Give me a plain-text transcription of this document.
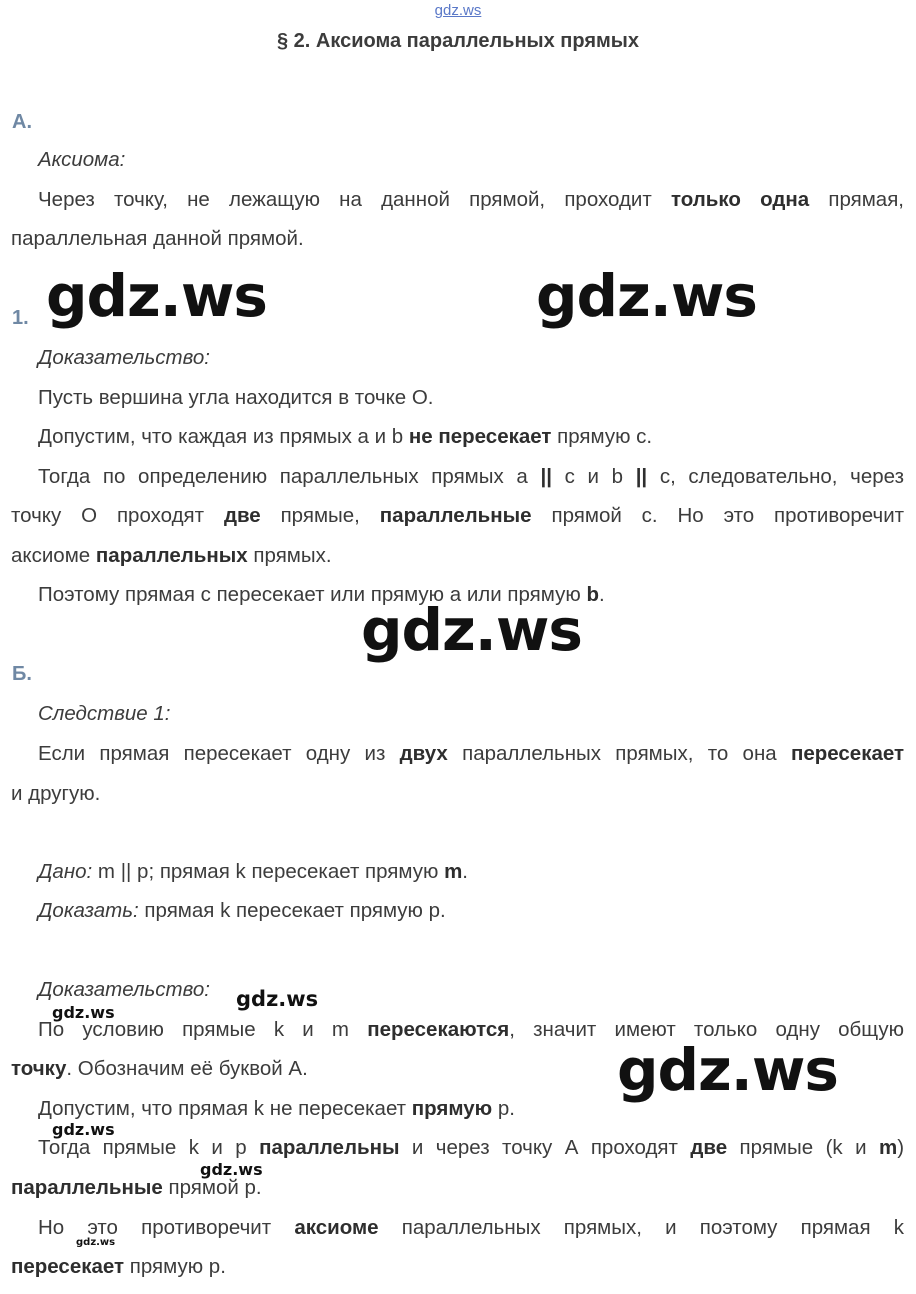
gdz.ws
§ 2. Аксиома параллельных прямых
А.
Аксиома:
Через точку, не лежащую на данной прямой, проходит только одна прямая,
параллельная данной прямой.
1. gdz.ws	gdz.ws
Доказательство:
Пусть вершина угла находится в точке О.
Допустим, что каждая из прямых a и b не пересекает прямую с.
Тогда по определению параллельных прямых a || с и b || с, следовательно, через
точку О проходят две прямые, параллельные прямой с. Но это противоречит
аксиоме параллельных прямых.
Поэтому прямая с пересекает или прямую a или прямую b.
gdz.ws
Б.
Следствие 1:
Если прямая пересекает одну из двух параллельных прямых, то она пересекает
и другую.
Дано: m || p; прямая k пересекает прямую m.
Доказать: прямая k пересекает прямую p.
Доказательство: gdz.ws
gdz.ws
По условию прямые k и m пересекаются, значит имеют только одну общую
точку. Обозначим её буквой А.	gdz.ws
Допустим, что прямая k не пересекает прямую p.
gdz.ws
Тогда прямые k и p параллельны и через точку А проходят две прямые (k и m)
gdz.ws
параллельные прямой p.
Но это противоречит аксиоме параллельных прямых, и поэтому прямая k
gdz.ws
пересекает прямую p.
